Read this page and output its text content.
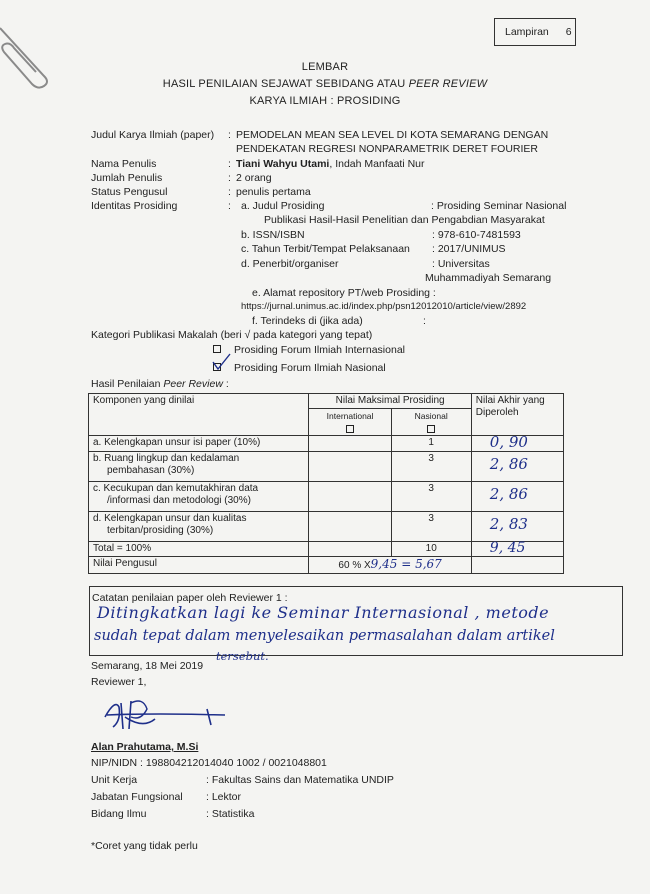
Lampiran 6
LEMBAR
HASIL PENILAIAN SEJAWAT SEBIDANG ATAU PEER REVIEW
KARYA ILMIAH : PROSIDING
Judul Karya Ilmiah (paper) : PEMODELAN MEAN SEA LEVEL DI KOTA SEMARANG DENGAN
PENDEKATAN REGRESI NONPARAMETRIK DERET FOURIER
Nama Penulis	: Tiani Wahyu Utami, Indah Manfaati Nur
Jumlah Penulis	: 2 orang
Status Pengusul	: penulis pertama
Identitas Prosiding	: a. Judul Prosiding	: Prosiding Seminar Nasional
Publikasi Hasil-Hasil Penelitian dan Pengabdian Masyarakat
b. ISSN/ISBN	: 978-610-7481593
c. Tahun Terbit/Tempat Pelaksanaan : 2017/UNIMUS
d. Penerbit/organiser	: Universitas
Muhammadiyah Semarang
e. Alamat repository PT/web Prosiding :
https://jurnal.unimus.ac.id/index.php/psn12012010/article/view/2892
f. Terindeks di (jika ada)	:
Kategori Publikasi Makalah (beri √ pada kategori yang tepat)
Prosiding Forum Ilmiah Internasional
Prosiding Forum Ilmiah Nasional
Hasil Penilaian Peer Review :
Komponen yang dinilai	Nilai Maksimal Prosiding		Nilai Akhir yang
Diperoleh

	International	Nasional	

a. Kelengkapan unsur isi paper (10%)		1	0, 90

b. Ruang lingkup dan kedalaman
pembahasan (30%)		3	2, 86

c. Kecukupan dan kemutakhiran data
/informasi dan metodologi (30%)		3	2, 86

d. Kelengkapan unsur dan kualitas
terbitan/prosiding (30%)		3	2, 83
Total = 100%		10	9, 45
Nilai Pengusul	60 % X9,45 = 5,67		
Catatan penilaian paper oleh Reviewer 1 :
Ditingkatkan lagi ke Seminar Internasional , metode
sudah tepat dalam menyelesaikan permasalahan dalam artikel
tersebut.
Semarang, 18 Mei 2019
Reviewer 1,
Alan Prahutama, M.Si
NIP/NIDN : 198804212014040 1002 / 0021048801
Unit Kerja	: Fakultas Sains dan Matematika UNDIP
Jabatan Fungsional : Lektor
Bidang Ilmu	: Statistika
*Coret yang tidak perlu
